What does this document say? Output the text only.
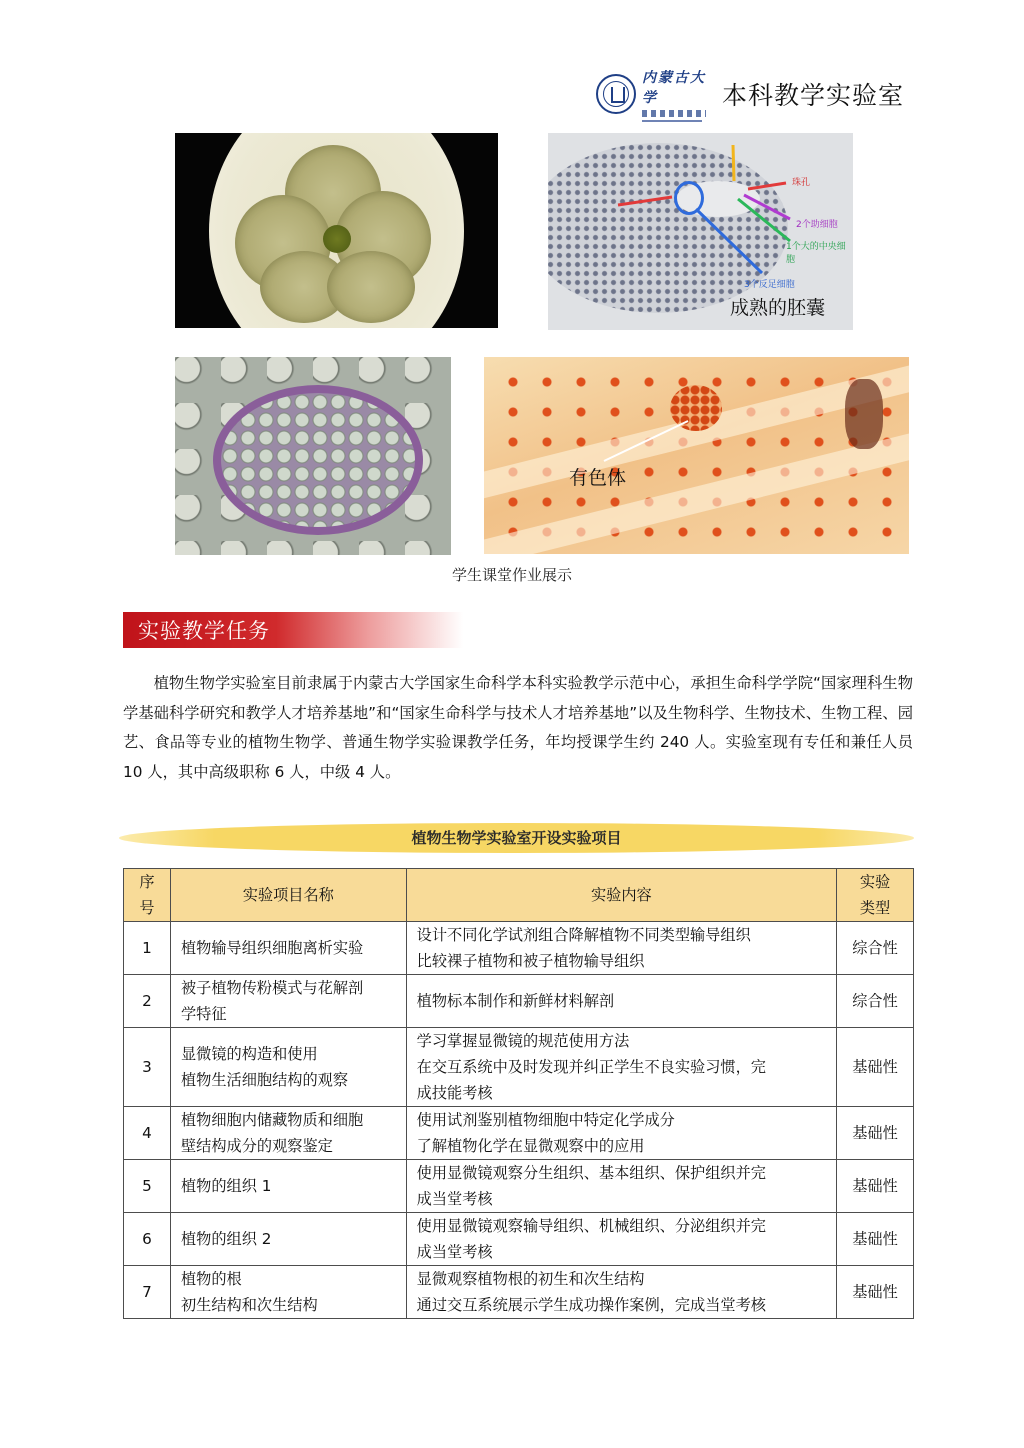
内蒙古大学	本科教学实验室
珠孔
2个助细胞
1个大的中央细胞
3个反足细胞
成熟的胚囊
有色体
学生课堂作业展示
实验教学任务

植物生物学实验室目前隶属于内蒙古大学国家生命科学本科实验教学示范中心，承担生命科学学院“国家理科生物学基础科学研究和教学人才培养基地”和“国家生命科学与技术人才培养基地”以及生物科学、生物技术、生物工程、园艺、食品等专业的植物生物学、普通生物学实验课教学任务，年均授课学生约 240 人。实验室现有专任和兼任人员 10 人，其中高级职称 6 人，中级 4 人。

植物生物学实验室开设实验项目
序
号	实验项目名称	实验内容	实验
类型
1	植物输导组织细胞离析实验	设计不同化学试剂组合降解植物不同类型输导组织
比较裸子植物和被子植物输导组织	综合性
2	被子植物传粉模式与花解剖
学特征	植物标本制作和新鲜材料解剖	综合性
3	显微镜的构造和使用
植物生活细胞结构的观察	学习掌握显微镜的规范使用方法
在交互系统中及时发现并纠正学生不良实验习惯，完
成技能考核	基础性
4	植物细胞内储藏物质和细胞
壁结构成分的观察鉴定	使用试剂鉴别植物细胞中特定化学成分
了解植物化学在显微观察中的应用	基础性
5	植物的组织 1	使用显微镜观察分生组织、基本组织、保护组织并完
成当堂考核	基础性
6	植物的组织 2	使用显微镜观察输导组织、机械组织、分泌组织并完
成当堂考核	基础性
7	植物的根
初生结构和次生结构	显微观察植物根的初生和次生结构
通过交互系统展示学生成功操作案例，完成当堂考核	基础性
